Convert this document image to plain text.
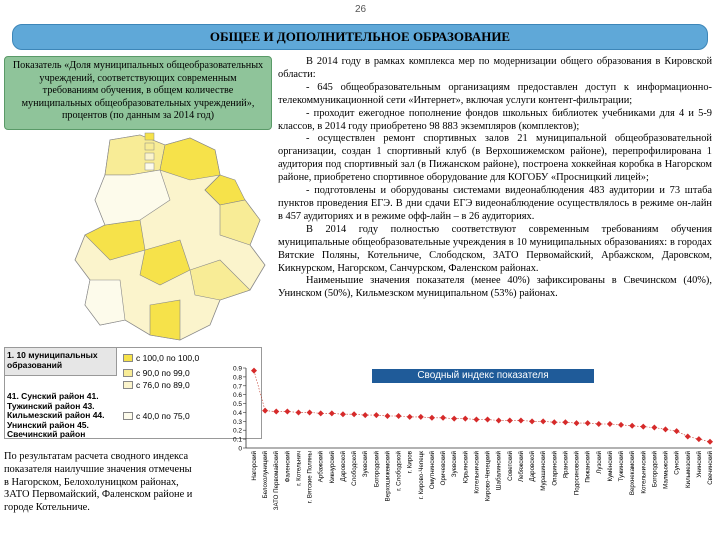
26
ОБЩЕЕ И ДОПОЛНИТЕЛЬНОЕ ОБРАЗОВАНИЕ
Показатель «Доля муниципальных общеобразовательных учреждений, соответствующих современным требованиям обучения, в общем количестве муниципальных общеобразовательных учреждений», процентов (по данным за 2014 год)

В 2014 году в рамках комплекса мер по модернизации общего образования в Кировской области:

- 645 общеобразовательным организациям предоставлен доступ к информационно-телекоммуникационной сети «Интернет», включая услуги контент-фильтрации;

- проходит ежегодное пополнение фондов школьных библиотек учебниками для 4 и 5-9 классов, в 2014 году приобретено 98 883 экземпляров (комплектов);

- осуществлен ремонт спортивных залов 21 муниципальной общеобразовательной организации, создан 1 спортивный клуб (в Верхошижемском районе), перепрофилирована 1 аудитория под спортивный зал (в Пижанском районе), построена хоккейная коробка в Нагорском районе, приобретено спортивное оборудование для КОГОБУ «Просницкий лицей»;

- подготовлены и оборудованы системами видеонаблюдения 483 аудитории и 73 штаба пунктов проведения ЕГЭ. В дни сдачи ЕГЭ видеонаблюдение осуществлялось в режиме он-лайн в 457 аудиториях и в режиме офф-лайн – в 26 аудиториях.

В 2014 году полностью соответствуют современным требованиям обучения муниципальные общеобразовательные учреждения в 10 муниципальных образованиях: в городах Вятские Поляны, Котельниче, Слободском, ЗАТО Первомайский, Арбажском, Даровском, Кикнурском, Нагорском, Санчурском, Фаленском районах.

Наименьшие значения показателя (менее 40%) зафиксированы в Свечинском (40%), Унинском (50%), Кильмезском муниципальном (53%) районах.

1. 10 муниципальных образований
41. Сунский район 41. Тужинский район 43. Кильмезский район 44. Унинский район 45. Свечинский район
с 100,0 по 100,0
с 90,0 по 99,0
с 76,0 по 89,0
с 40,0 по 75,0
По результатам расчета сводного индекса показателя наилучшие значения отмечены в Нагорском, Белохолуницком районах, ЗАТО Первомайский, Фаленском районе и городе Котельниче.
0
0.1
0.2
0.3
0.4
0.5
0.6
0.7
0.8
0.9
Нагорский Белохолуницкий ЗАТО Первомайский Фаленский г. Котельнич г. Вятские Поляны Арбажский Кикнурский Даровской Слободской Зуевский Богородский Верхошижемский г. Слободской г. Киров г. Кирово-Чепецк Омутнинский Оричевский Зуевский Юрьянский Котельничский Кирово-Чепецкий Шабалинский Советский Лебяжский Даровской Мурашинский Опаринский Яранский Подосиновский Пижанский Лузский Кумёнский Тужинский Верхнекамский Котельничский Богородский Малмыжский Сунский Кильмезский Унинский Свечинский
Сводный индекс показателя
